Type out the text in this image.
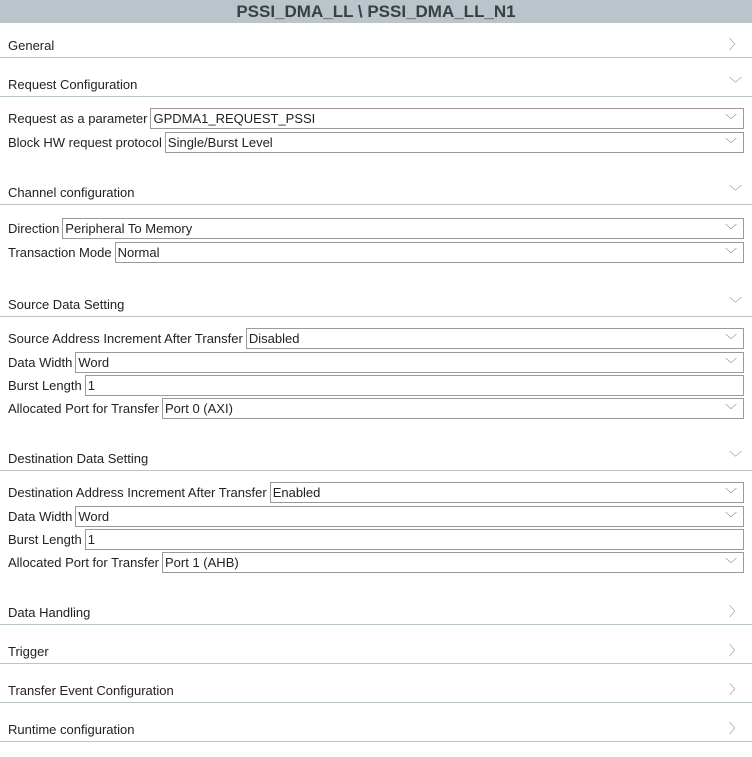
PSSI_DMA_LL \ PSSI_DMA_LL_N1
General	〉
Request Configuration	﹀
Request as a parameter GPDMA1_REQUEST_PSSI	﹀
Block HW request protocol Single/Burst Level	﹀
Channel configuration	﹀
Direction Peripheral To Memory	﹀
Transaction Mode Normal	﹀
Source Data Setting	﹀
Source Address Increment After Transfer Disabled	﹀
Data Width Word	﹀
Burst Length 1
Allocated Port for Transfer Port 0 (AXI)	﹀
Destination Data Setting	﹀
Destination Address Increment After Transfer Enabled	﹀
Data Width Word	﹀
Burst Length 1
Allocated Port for Transfer Port 1 (AHB)	﹀
Data Handling	〉
Trigger	〉
Transfer Event Configuration	〉
Runtime configuration	〉
